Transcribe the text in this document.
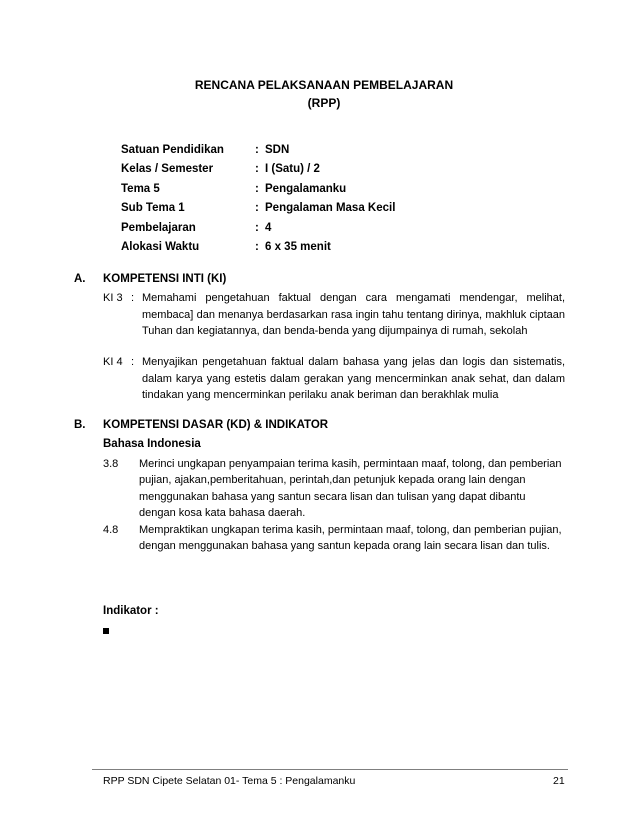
RENCANA PELAKSANAAN PEMBELAJARAN
(RPP)
Satuan Pendidikan	: SDN
Kelas / Semester	: I (Satu) / 2
Tema 5	: Pengalamanku
Sub Tema 1	: Pengalaman Masa Kecil
Pembelajaran	: 4
Alokasi Waktu	: 6 x 35 menit
A. KOMPETENSI INTI (KI)
KI 3 : Memahami pengetahuan faktual dengan cara mengamati mendengar, melihat, membaca] dan menanya berdasarkan rasa ingin tahu tentang dirinya, makhluk ciptaan Tuhan dan kegiatannya, dan benda-benda yang dijumpainya di rumah, sekolah
KI 4 : Menyajikan pengetahuan faktual dalam bahasa yang jelas dan logis dan sistematis, dalam karya yang estetis dalam gerakan yang mencerminkan anak sehat, dan dalam tindakan yang mencerminkan perilaku anak beriman dan berakhlak mulia
B. KOMPETENSI DASAR (KD) & INDIKATOR
Bahasa Indonesia
3.8	Merinci ungkapan penyampaian terima kasih, permintaan maaf, tolong, dan pemberian pujian, ajakan,pemberitahuan, perintah,dan petunjuk kepada orang lain dengan menggunakan bahasa yang santun secara lisan dan tulisan yang dapat dibantu dengan kosa kata bahasa daerah.
4.8	Mempraktikan ungkapan terima kasih, permintaan maaf, tolong, dan pemberian pujian, dengan menggunakan bahasa yang santun kepada orang lain secara lisan dan tulis.
Indikator :
RPP SDN Cipete Selatan 01- Tema 5 : Pengalamanku	21
